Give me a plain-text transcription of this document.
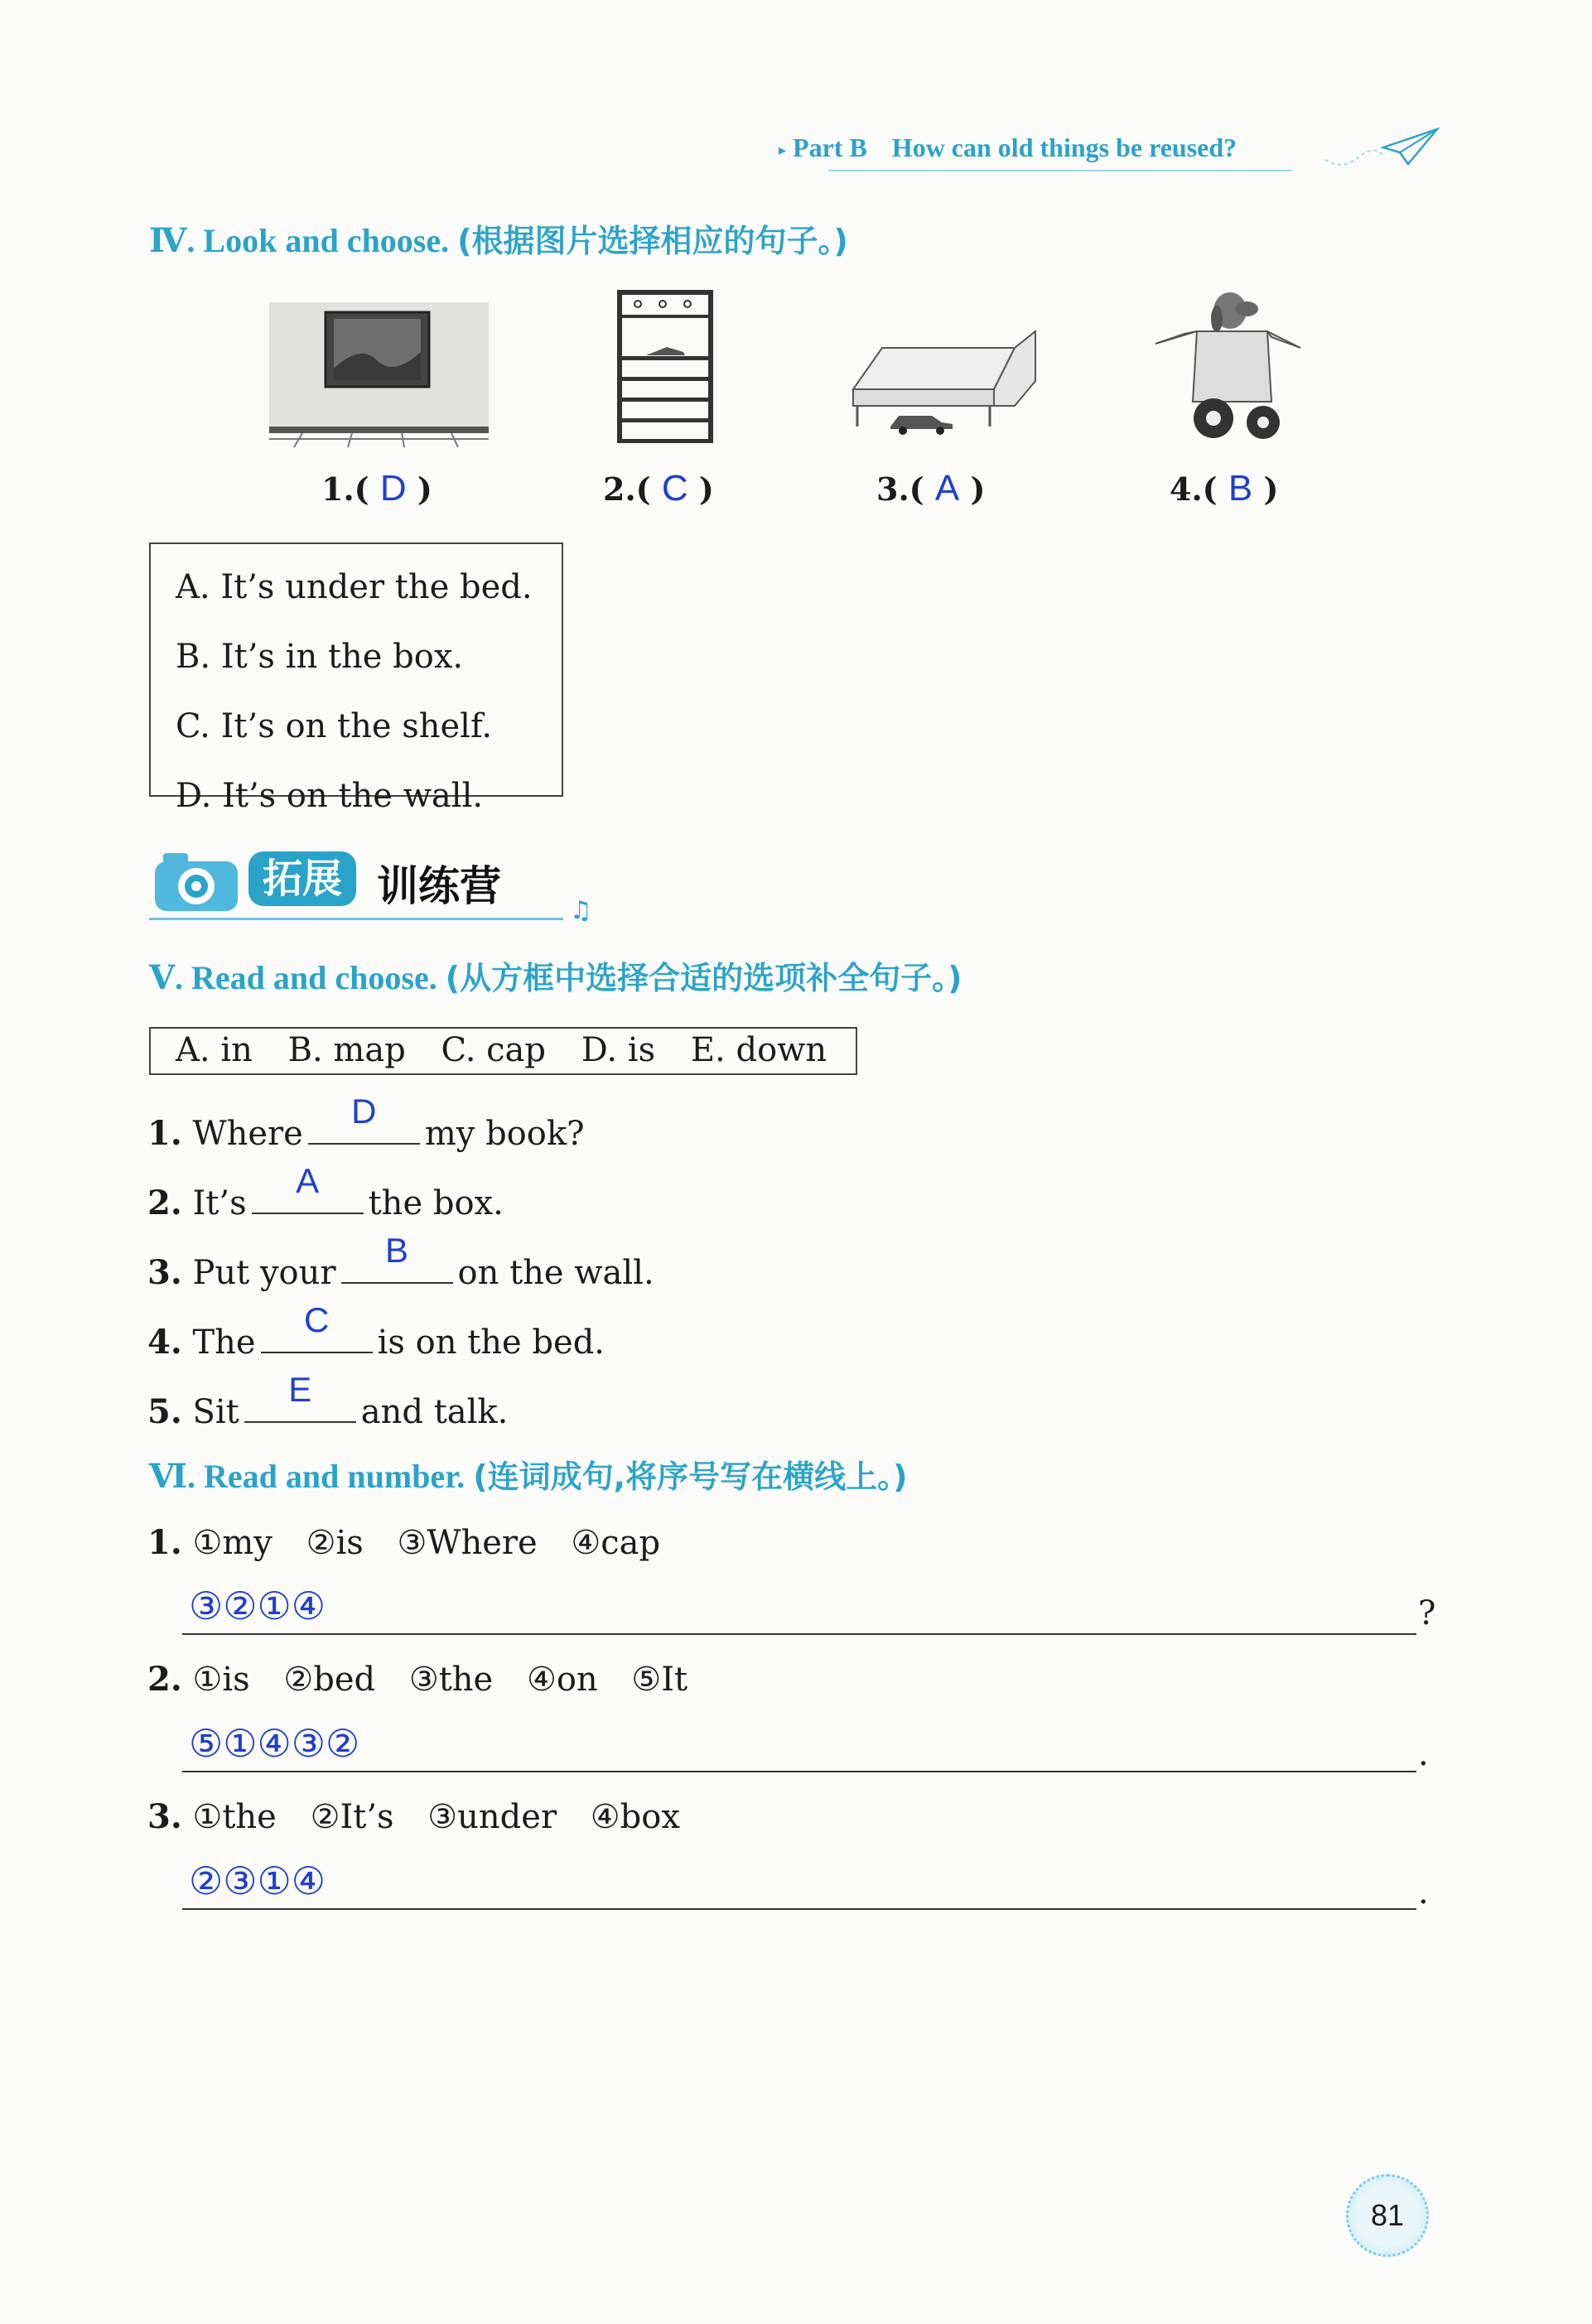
▸ Part B How can old things be reused?
Ⅳ. Look and choose. (根据图片选择相应的句子。)
1.( D )	2.( C )	3.( A )	4.( B )
A. It’s under the bed.
B. It’s in the box.
C. It’s on the shelf.
D. It’s on the wall.
拓展 训练营
♫
Ⅴ. Read and choose. (从方框中选择合适的选项补全句子。)
A. in B. map C. cap D. is E. down
1. Where
D
my book?
2. It’s
A
the box.
3. Put your
B
on the wall.
4. The
C
is on the bed.
5. Sit
E
and talk.
Ⅵ. Read and number. (连词成句,将序号写在横线上。)
1. ①my ②is ③Where ④cap
③②①④	?
2. ①is ②bed ③the ④on ⑤It
⑤①④③②	.
3. ①the ②It’s ③under ④box
②③①④	.
81
